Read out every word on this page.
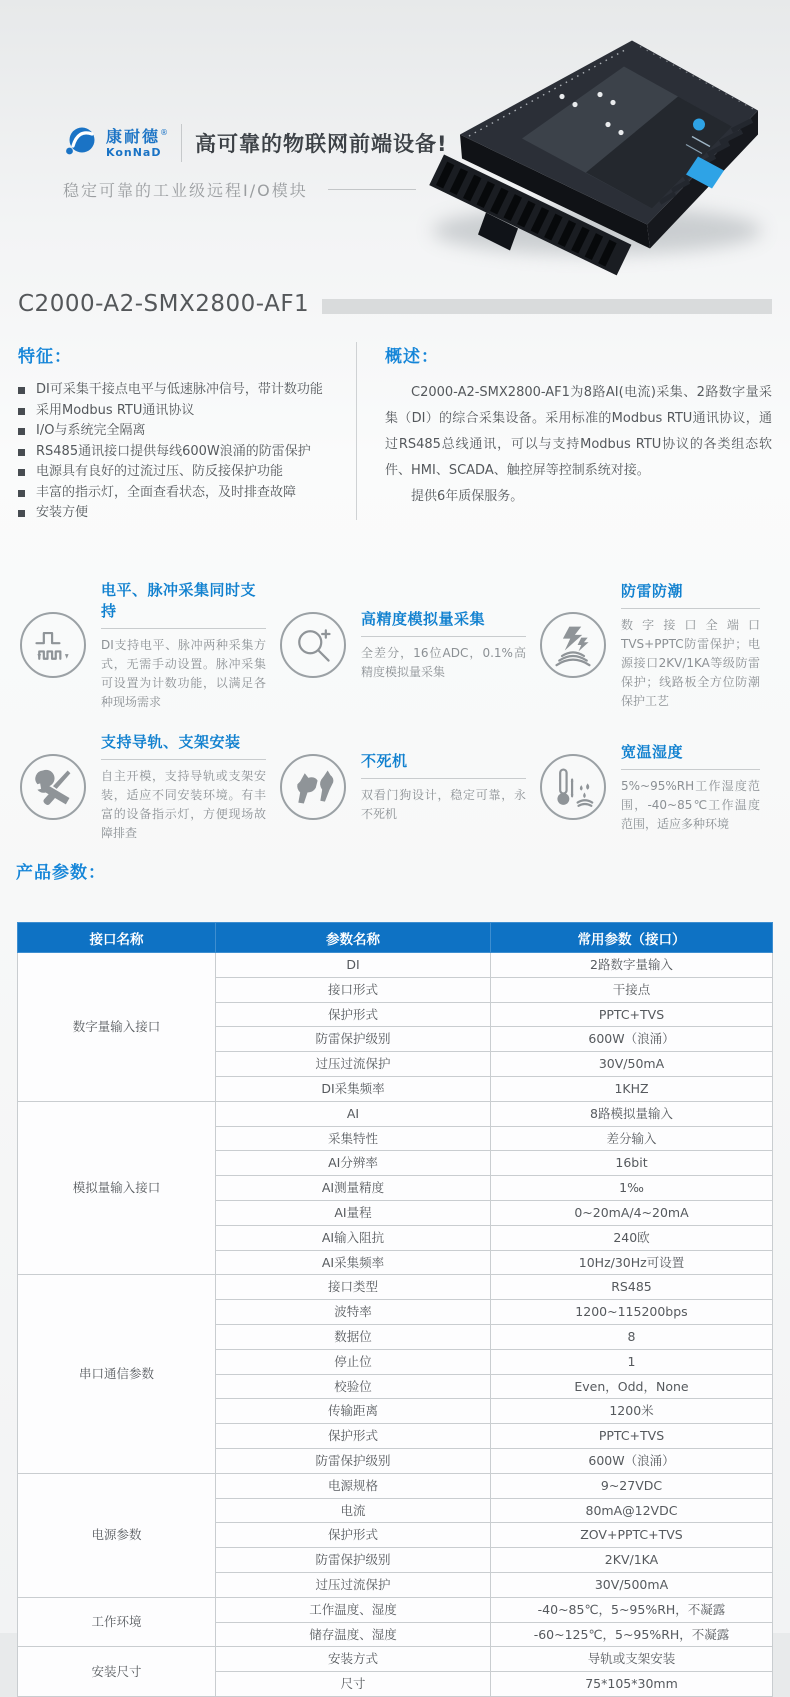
康耐德®
KonNaD	高可靠的物联网前端设备!
稳定可靠的工业级远程I/O模块
C2000-A2-SMX2800-AF1
特征：
DI可采集干接点电平与低速脉冲信号，带计数功能
采用Modbus RTU通讯协议
I/O与系统完全隔离
RS485通讯接口提供每线600W浪涌的防雷保护
电源具有良好的过流过压、防反接保护功能
丰富的指示灯，全面查看状态，及时排查故障
安装方便
概述：

C2000-A2-SMX2800-AF1为8路AI(电流)采集、2路数字量采集（DI）的综合采集设备。采用标准的Modbus RTU通讯协议，通过RS485总线通讯，可以与支持Modbus RTU协议的各类组态软件、HMI、SCADA、触控屏等控制系统对接。

提供6年质保服务。

电平、脉冲采集同时支持

DI支持电平、脉冲两种采集方式，无需手动设置。脉冲采集可设置为计数功能，以满足各种现场需求

高精度模拟量采集

全差分，16位ADC，0.1%高精度模拟量采集

防雷防潮

数字接口全端口TVS+PPTC防雷保护；电源接口2KV/1KA等级防雷保护；线路板全方位防潮保护工艺

支持导轨、支架安装

自主开模，支持导轨或支架安装，适应不同安装环境。有丰富的设备指示灯，方便现场故障排查

不死机

双看门狗设计，稳定可靠，永不死机

宽温湿度

5%~95%RH工作湿度范围，-40~85℃工作温度范围，适应多种环境

产品参数：
接口名称	参数名称	常用参数（接口）
数字量输入接口	DI	2路数字量输入
	接口形式	干接点
	保护形式	PPTC+TVS
	防雷保护级别	600W（浪涌）
	过压过流保护	30V/50mA
	DI采集频率	1KHZ
模拟量输入接口	AI	8路模拟量输入
	采集特性	差分输入
	AI分辨率	16bit
	AI测量精度	1‰
	AI量程	0~20mA/4~20mA
	AI输入阻抗	240欧
	AI采集频率	10Hz/30Hz可设置
串口通信参数	接口类型	RS485
	波特率	1200~115200bps
	数据位	8
	停止位	1
	校验位	Even，Odd，None
	传输距离	1200米
	保护形式	PPTC+TVS
	防雷保护级别	600W（浪涌）
电源参数	电源规格	9~27VDC
	电流	80mA@12VDC
	保护形式	ZOV+PPTC+TVS
	防雷保护级别	2KV/1KA
	过压过流保护	30V/500mA
工作环境	工作温度、湿度	-40~85℃，5~95%RH，不凝露
	储存温度、湿度	-60~125℃，5~95%RH，不凝露
安装尺寸	安装方式	导轨或支架安装
	尺寸	75*105*30mm
